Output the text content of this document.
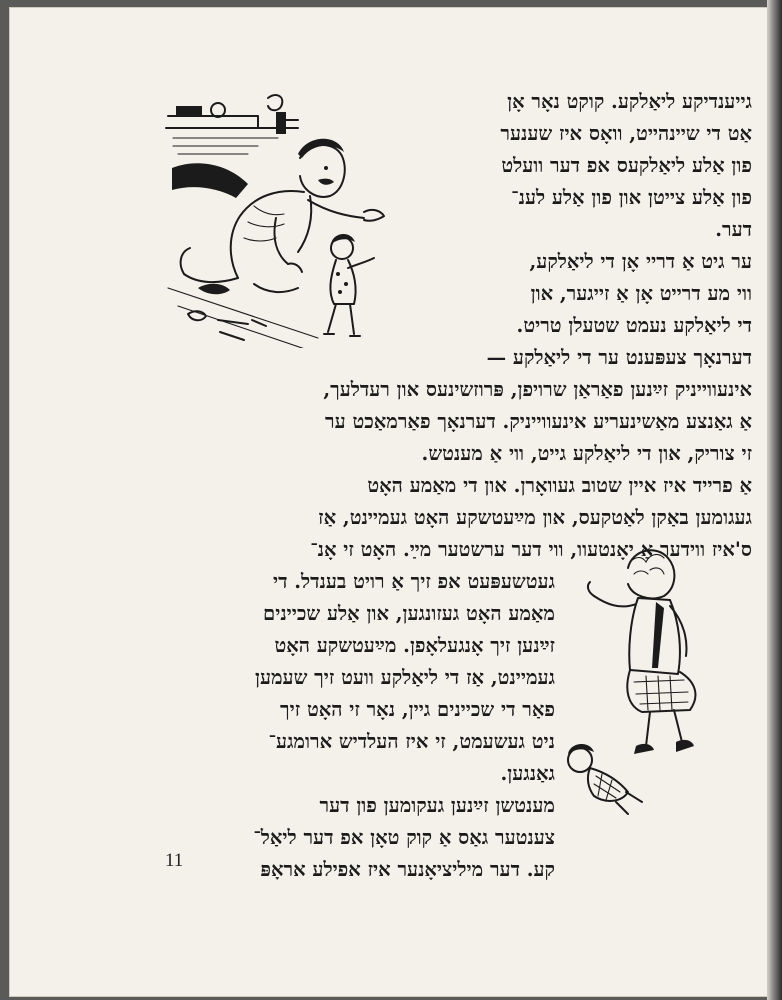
גייענדיקע ליאַלקע. קוקט נאָר אָן
אַט די שיינהייט, וואָס איז שענער
פון אַלע ליאַלקעס אפ דער וועלט
פון אַלע צייטן און פון אַלע לענ־
דער.
ער גיט אַ דריי אָן די ליאַלקע,
ווי מע דרייט אָן אַ זייגער, און
די ליאַלקע נעמט שטעלן טריט.
דערנאָך צעפּענט ער די ליאַלקע —
אינעווייניק זײַנען פאַראַן שרויפן, פּרוזשינעס און רעדלעך,
אַ גאַנצע מאַשינעריע אינעווייניק. דערנאָך פאַרמאַכט ער
זי צוריק, און די ליאַלקע גייט, ווי אַ מענטש.
אַ פרייד איז איין שטוב געוואָרן. און די מאַמע האָט
געגומען באַקן לאַטקעס, און מײַעטשקע האָט געמיינט, אַז
ס'איז ווידער אַ יאָנטעוו, ווי דער ערשטער מײַ. האָט זי אָנ־
געטשעפּעט אפ זיך אַ רויט בענדל. די
מאַמע האָט געזונגען, און אַלע שכיינים
זײַנען זיך אָנגעלאָפן. מײַעטשקע האָט
געמיינט, אַז די ליאַלקע וועט זיך שעמען
פאַר די שכיינים גיין, נאָר זי האָט זיך
ניט געשעמט, זי איז העלדיש ארומגע־
גאַנגען.
מענטשן זײַנען געקומען פון דער
צענטער גאַס אַ קוק טאָן אפ דער ליאַל־
קע. דער מיליציאָנער איז אפילע אראָפּ
11
